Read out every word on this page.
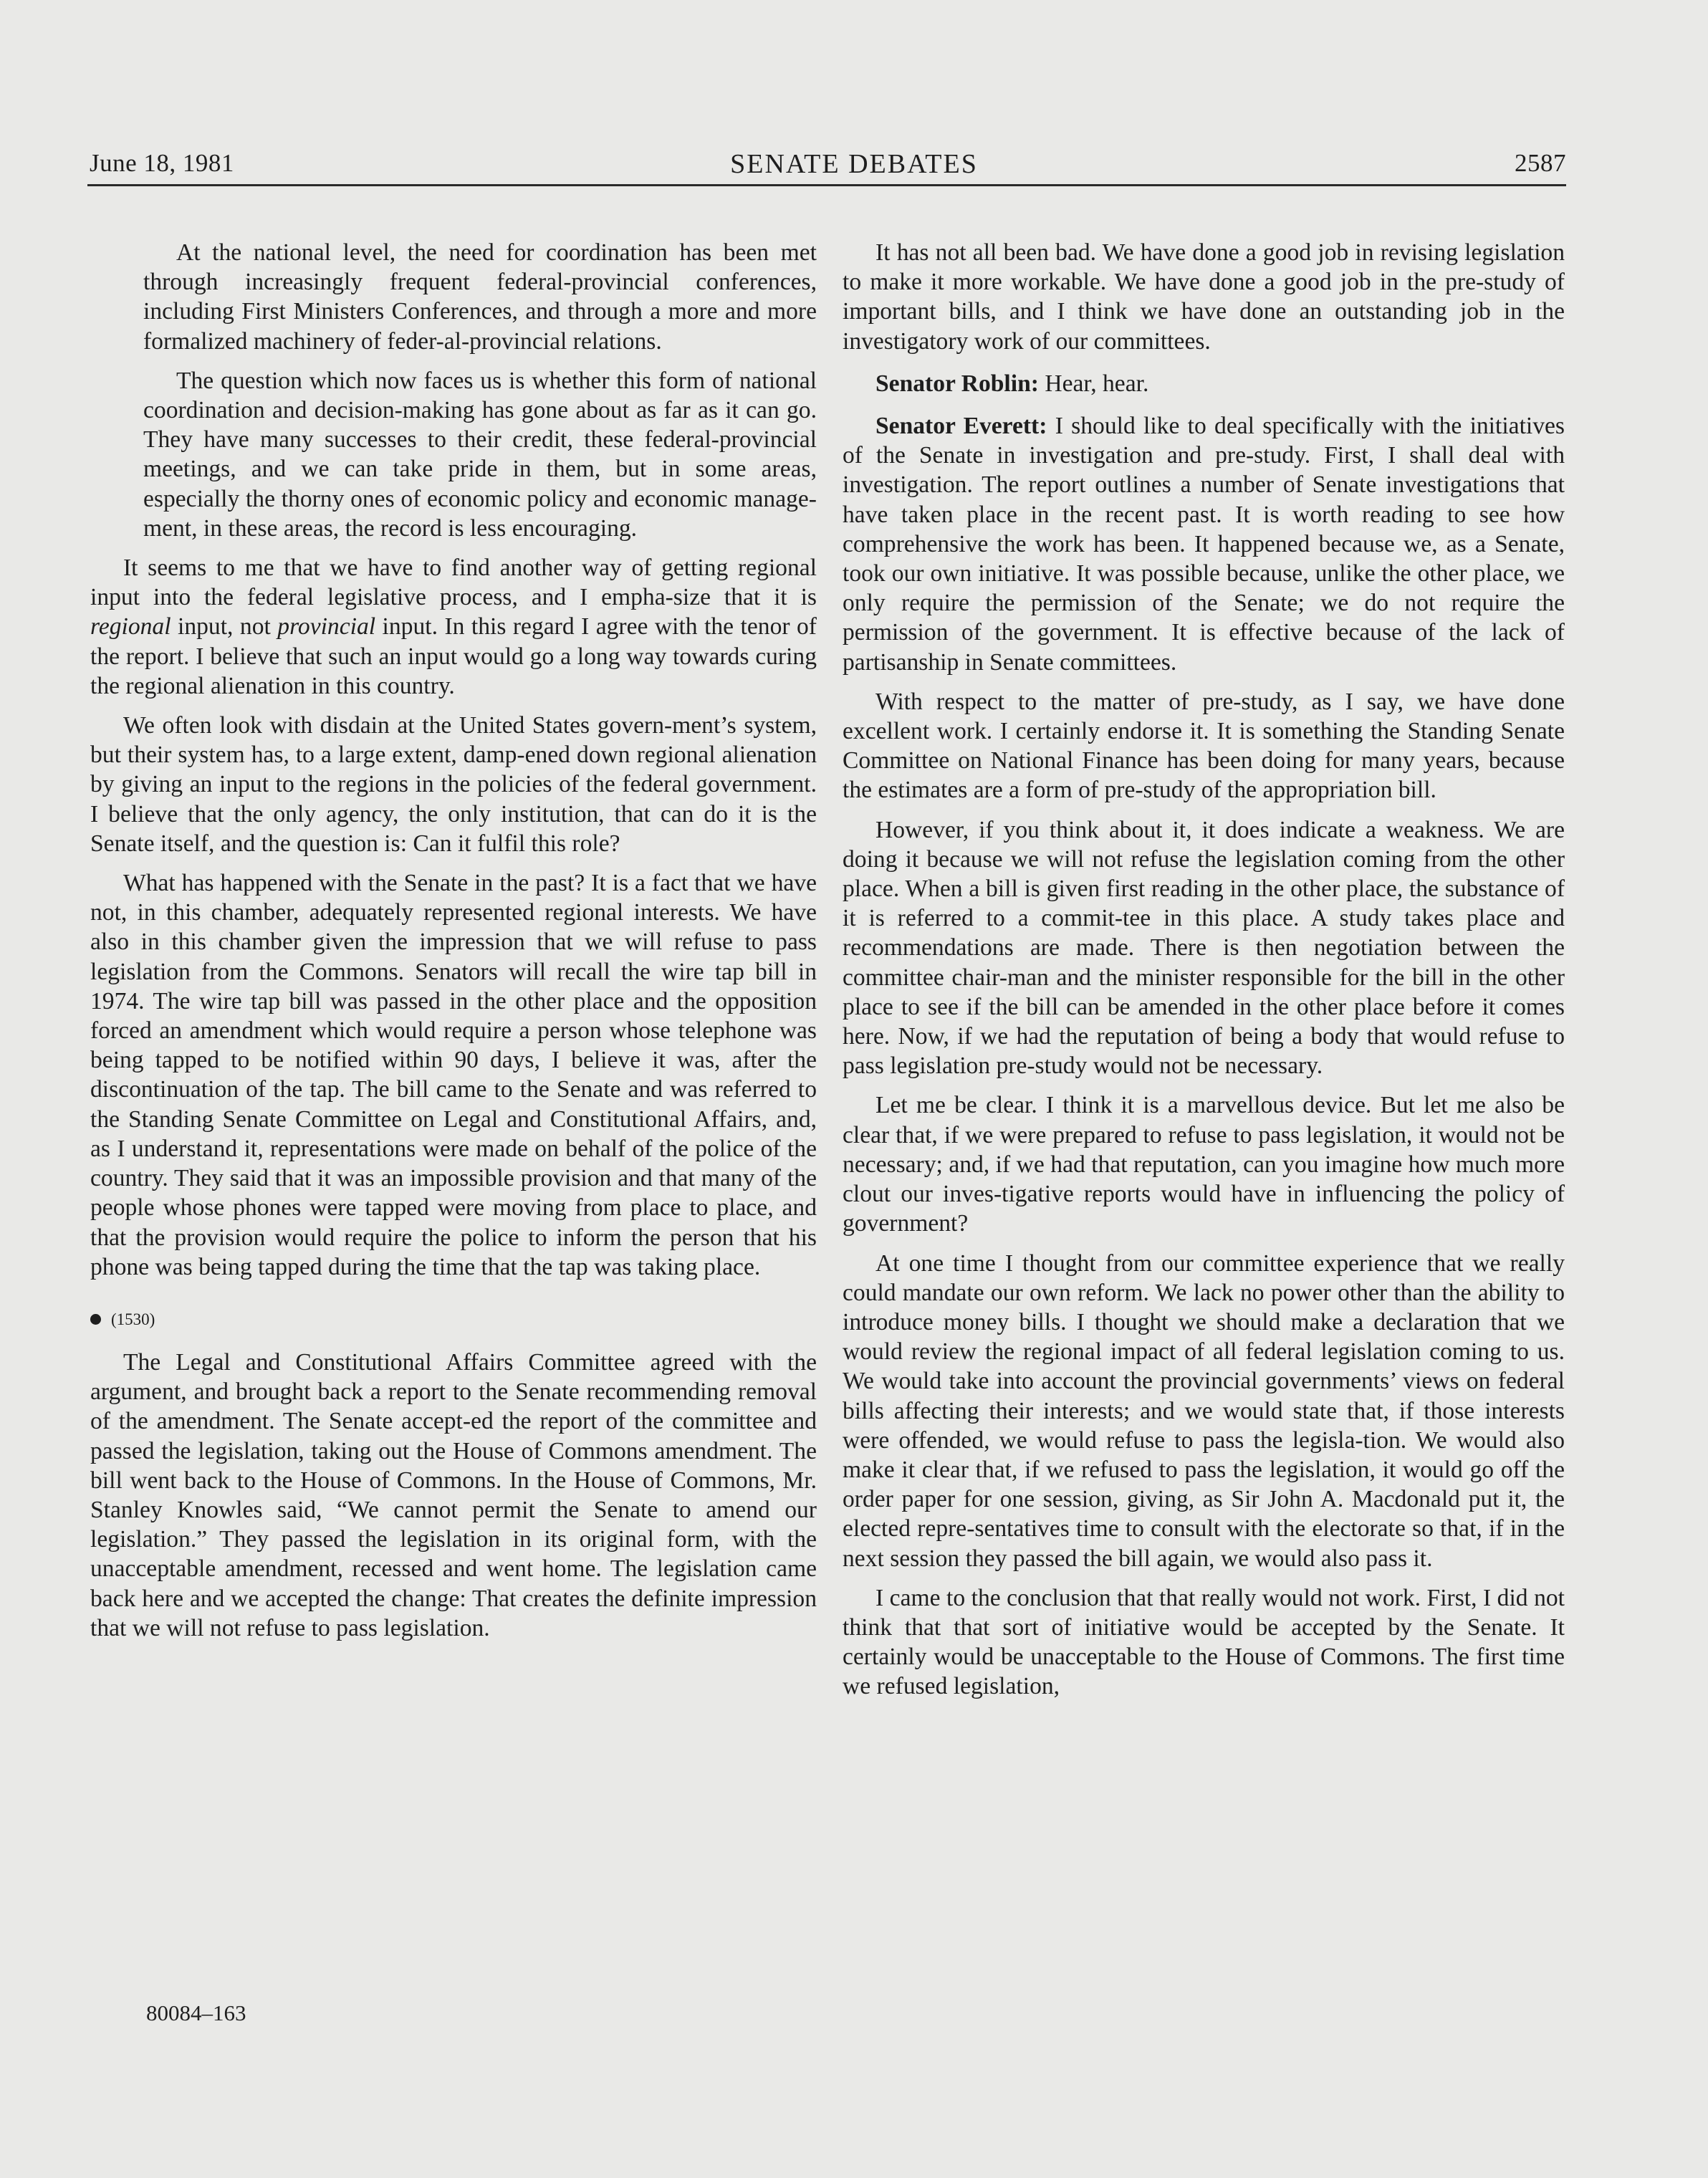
SENATE DEBATES
June 18, 1981	2587

At the national level, the need for coordination has been met through increasingly frequent federal-provincial conferences, including First Ministers Conferences, and through a more and more formalized machinery of feder-al-provincial relations.

The question which now faces us is whether this form of national coordination and decision-making has gone about as far as it can go. They have many successes to their credit, these federal-provincial meetings, and we can take pride in them, but in some areas, especially the thorny ones of economic policy and economic manage-ment, in these areas, the record is less encouraging.

It seems to me that we have to find another way of getting regional input into the federal legislative process, and I empha-size that it is regional input, not provincial input. In this regard I agree with the tenor of the report. I believe that such an input would go a long way towards curing the regional alienation in this country.

We often look with disdain at the United States govern-ment’s system, but their system has, to a large extent, damp-ened down regional alienation by giving an input to the regions in the policies of the federal government. I believe that the only agency, the only institution, that can do it is the Senate itself, and the question is: Can it fulfil this role?

What has happened with the Senate in the past? It is a fact that we have not, in this chamber, adequately represented regional interests. We have also in this chamber given the impression that we will refuse to pass legislation from the Commons. Senators will recall the wire tap bill in 1974. The wire tap bill was passed in the other place and the opposition forced an amendment which would require a person whose telephone was being tapped to be notified within 90 days, I believe it was, after the discontinuation of the tap. The bill came to the Senate and was referred to the Standing Senate Committee on Legal and Constitutional Affairs, and, as I understand it, representations were made on behalf of the police of the country. They said that it was an impossible provision and that many of the people whose phones were tapped were moving from place to place, and that the provision would require the police to inform the person that his phone was being tapped during the time that the tap was taking place.

(1530)

The Legal and Constitutional Affairs Committee agreed with the argument, and brought back a report to the Senate recommending removal of the amendment. The Senate accept-ed the report of the committee and passed the legislation, taking out the House of Commons amendment. The bill went back to the House of Commons. In the House of Commons, Mr. Stanley Knowles said, “We cannot permit the Senate to amend our legislation.” They passed the legislation in its original form, with the unacceptable amendment, recessed and went home. The legislation came back here and we accepted the change: That creates the definite impression that we will not refuse to pass legislation.

It has not all been bad. We have done a good job in revising legislation to make it more workable. We have done a good job in the pre-study of important bills, and I think we have done an outstanding job in the investigatory work of our committees.

Senator Roblin: Hear, hear.

Senator Everett: I should like to deal specifically with the initiatives of the Senate in investigation and pre-study. First, I shall deal with investigation. The report outlines a number of Senate investigations that have taken place in the recent past. It is worth reading to see how comprehensive the work has been. It happened because we, as a Senate, took our own initiative. It was possible because, unlike the other place, we only require the permission of the Senate; we do not require the permission of the government. It is effective because of the lack of partisanship in Senate committees.

With respect to the matter of pre-study, as I say, we have done excellent work. I certainly endorse it. It is something the Standing Senate Committee on National Finance has been doing for many years, because the estimates are a form of pre-study of the appropriation bill.

However, if you think about it, it does indicate a weakness. We are doing it because we will not refuse the legislation coming from the other place. When a bill is given first reading in the other place, the substance of it is referred to a commit-tee in this place. A study takes place and recommendations are made. There is then negotiation between the committee chair-man and the minister responsible for the bill in the other place to see if the bill can be amended in the other place before it comes here. Now, if we had the reputation of being a body that would refuse to pass legislation pre-study would not be necessary.

Let me be clear. I think it is a marvellous device. But let me also be clear that, if we were prepared to refuse to pass legislation, it would not be necessary; and, if we had that reputation, can you imagine how much more clout our inves-tigative reports would have in influencing the policy of government?

At one time I thought from our committee experience that we really could mandate our own reform. We lack no power other than the ability to introduce money bills. I thought we should make a declaration that we would review the regional impact of all federal legislation coming to us. We would take into account the provincial governments’ views on federal bills affecting their interests; and we would state that, if those interests were offended, we would refuse to pass the legisla-tion. We would also make it clear that, if we refused to pass the legislation, it would go off the order paper for one session, giving, as Sir John A. Macdonald put it, the elected repre-sentatives time to consult with the electorate so that, if in the next session they passed the bill again, we would also pass it.

I came to the conclusion that that really would not work. First, I did not think that that sort of initiative would be accepted by the Senate. It certainly would be unacceptable to the House of Commons. The first time we refused legislation,

80084–163
